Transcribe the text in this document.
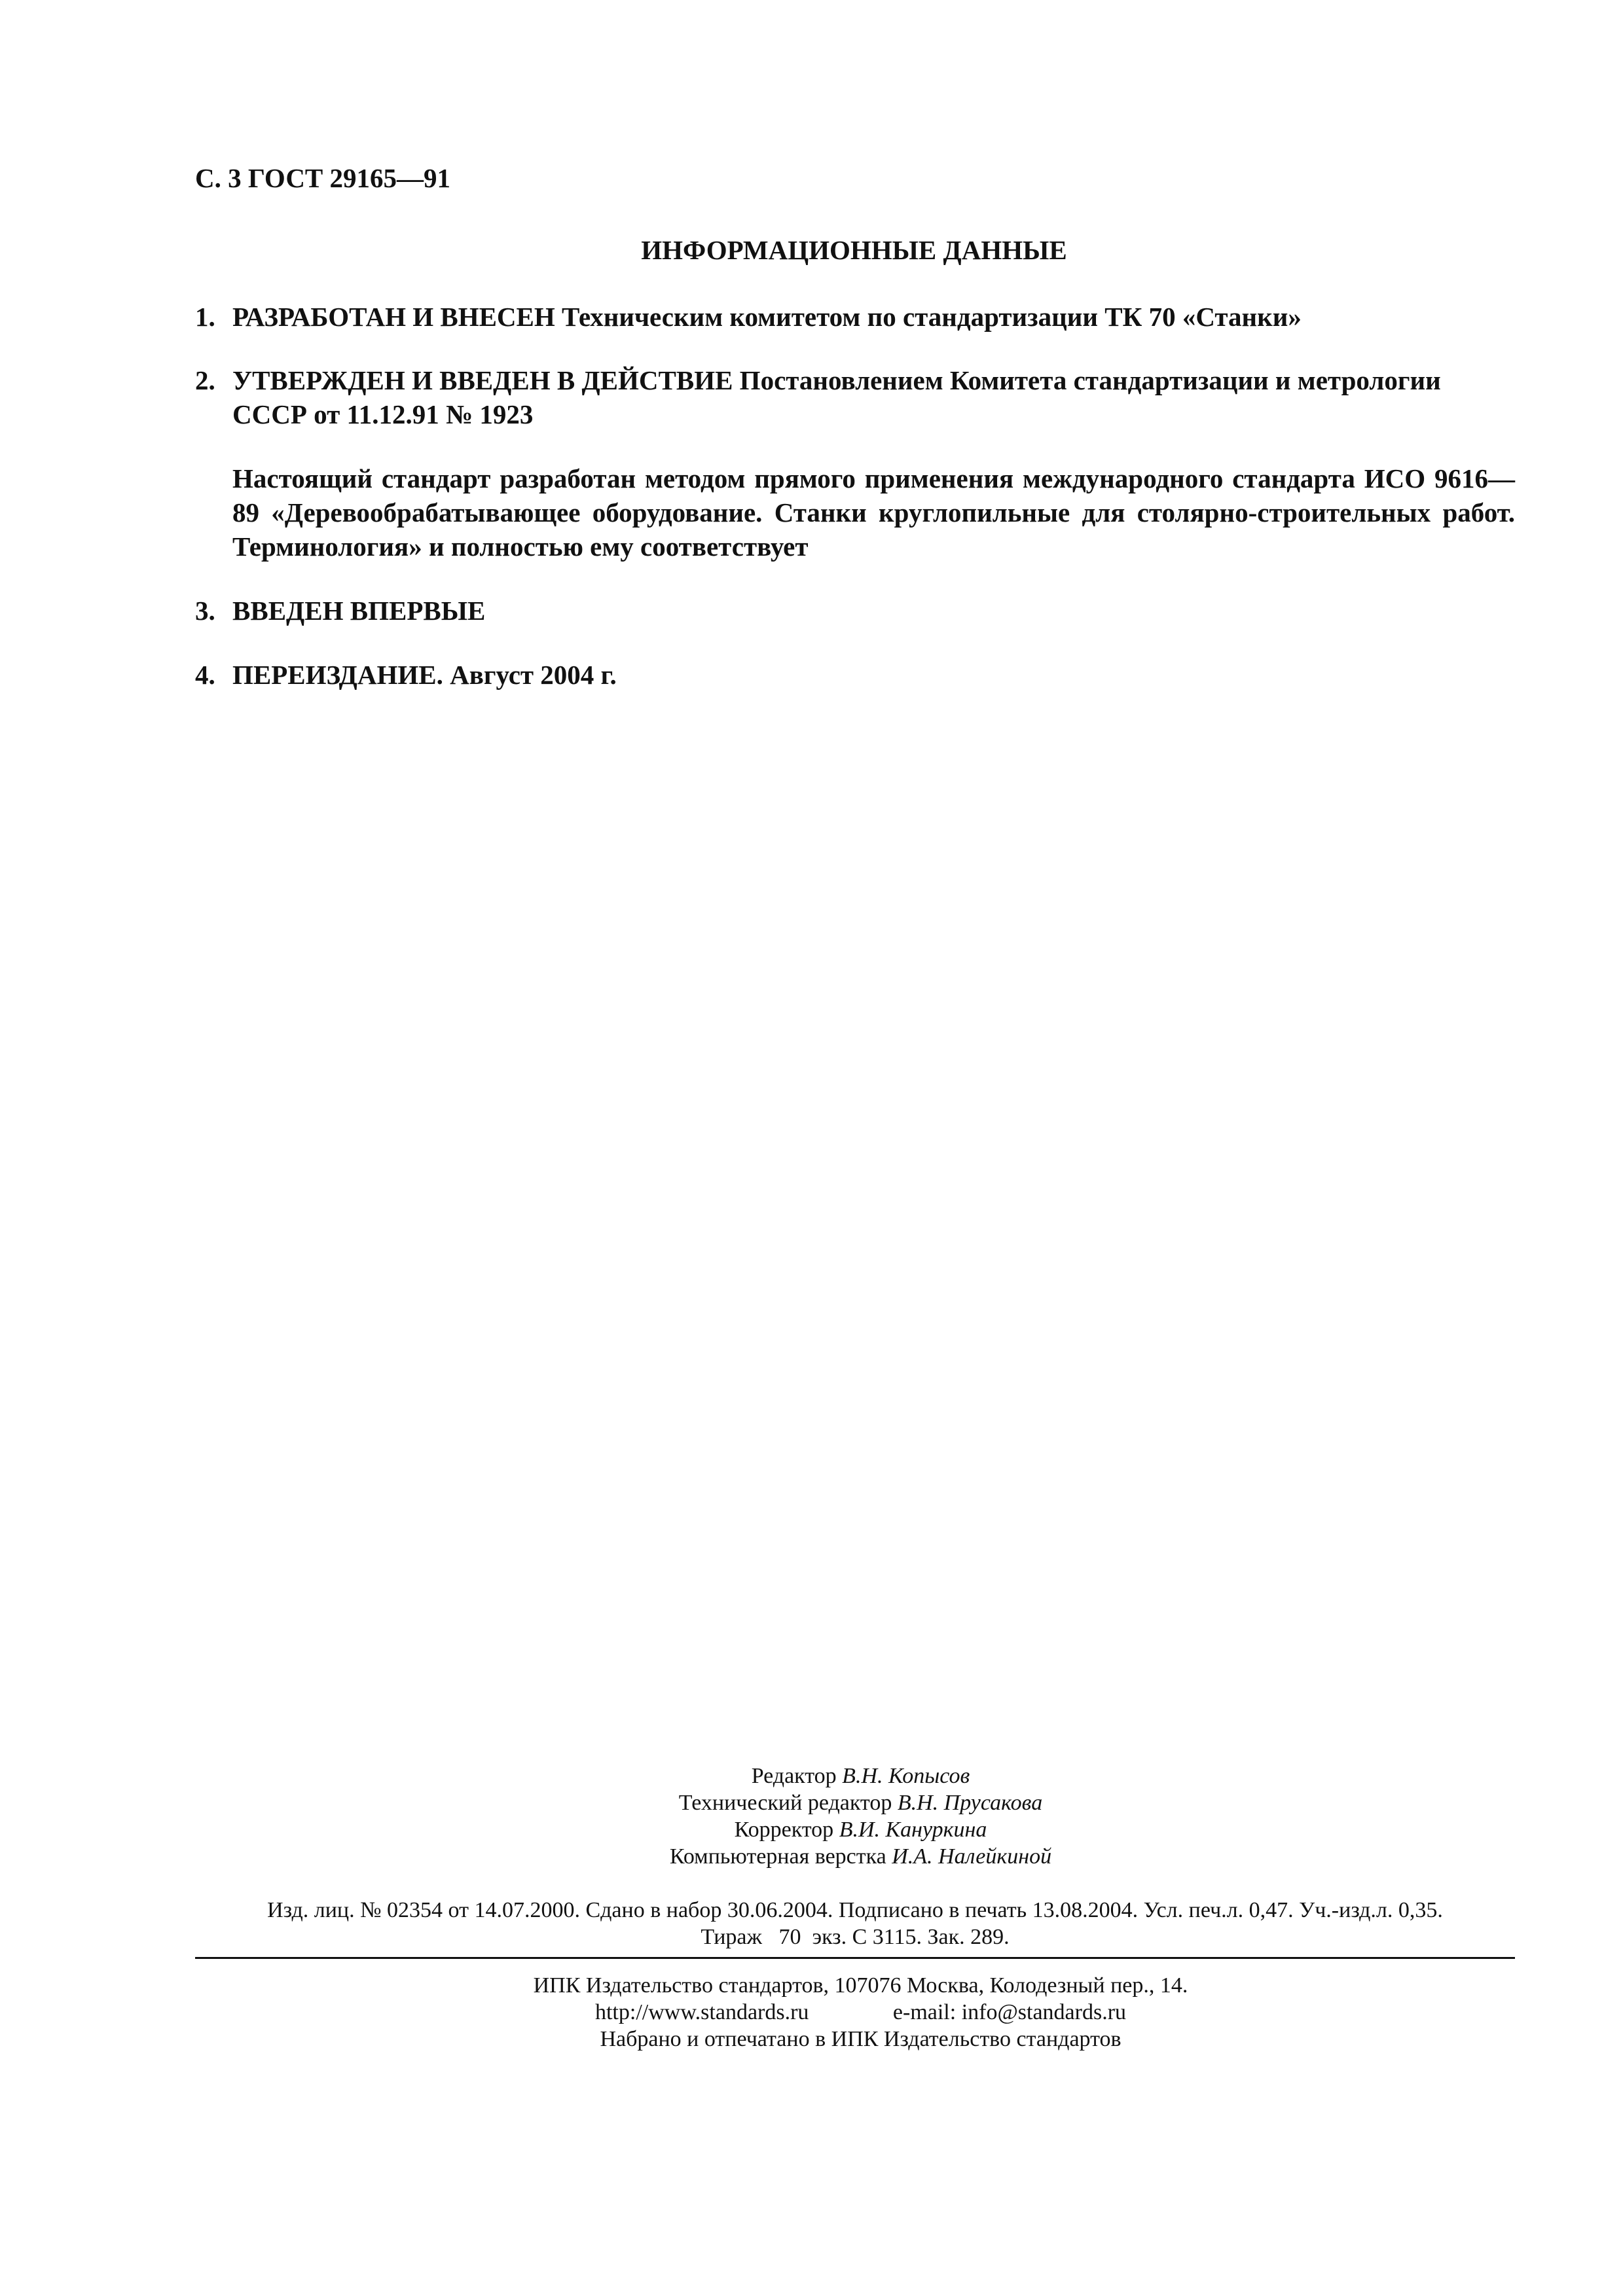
С. 3 ГОСТ 29165—91
ИНФОРМАЦИОННЫЕ ДАННЫЕ
1. РАЗРАБОТАН И ВНЕСЕН Техническим комитетом по стандартизации ТК 70 «Станки»
2. УТВЕРЖДЕН И ВВЕДЕН В ДЕЙСТВИЕ Постановлением Комитета стандартизации и метрологии СССР от 11.12.91 № 1923
Настоящий стандарт разработан методом прямого применения международного стандарта ИСО 9616—89 «Деревообрабатывающее оборудование. Станки круглопильные для столярно-строительных работ. Терминология» и полностью ему соответствует
3. ВВЕДЕН ВПЕРВЫЕ
4. ПЕРЕИЗДАНИЕ. Август 2004 г.
Редактор В.Н. Копысов
Технический редактор В.Н. Прусакова
Корректор В.И. Кануркина
Компьютерная верстка И.А. Налейкиной
Изд. лиц. № 02354 от 14.07.2000. Сдано в набор 30.06.2004. Подписано в печать 13.08.2004. Усл. печ.л. 0,47. Уч.-изд.л. 0,35.
Тираж   70  экз. С 3115. Зак. 289.
ИПК Издательство стандартов, 107076 Москва, Колодезный пер., 14.
http://www.standards.ru	e-mail: info@standards.ru
Набрано и отпечатано в ИПК Издательство стандартов
